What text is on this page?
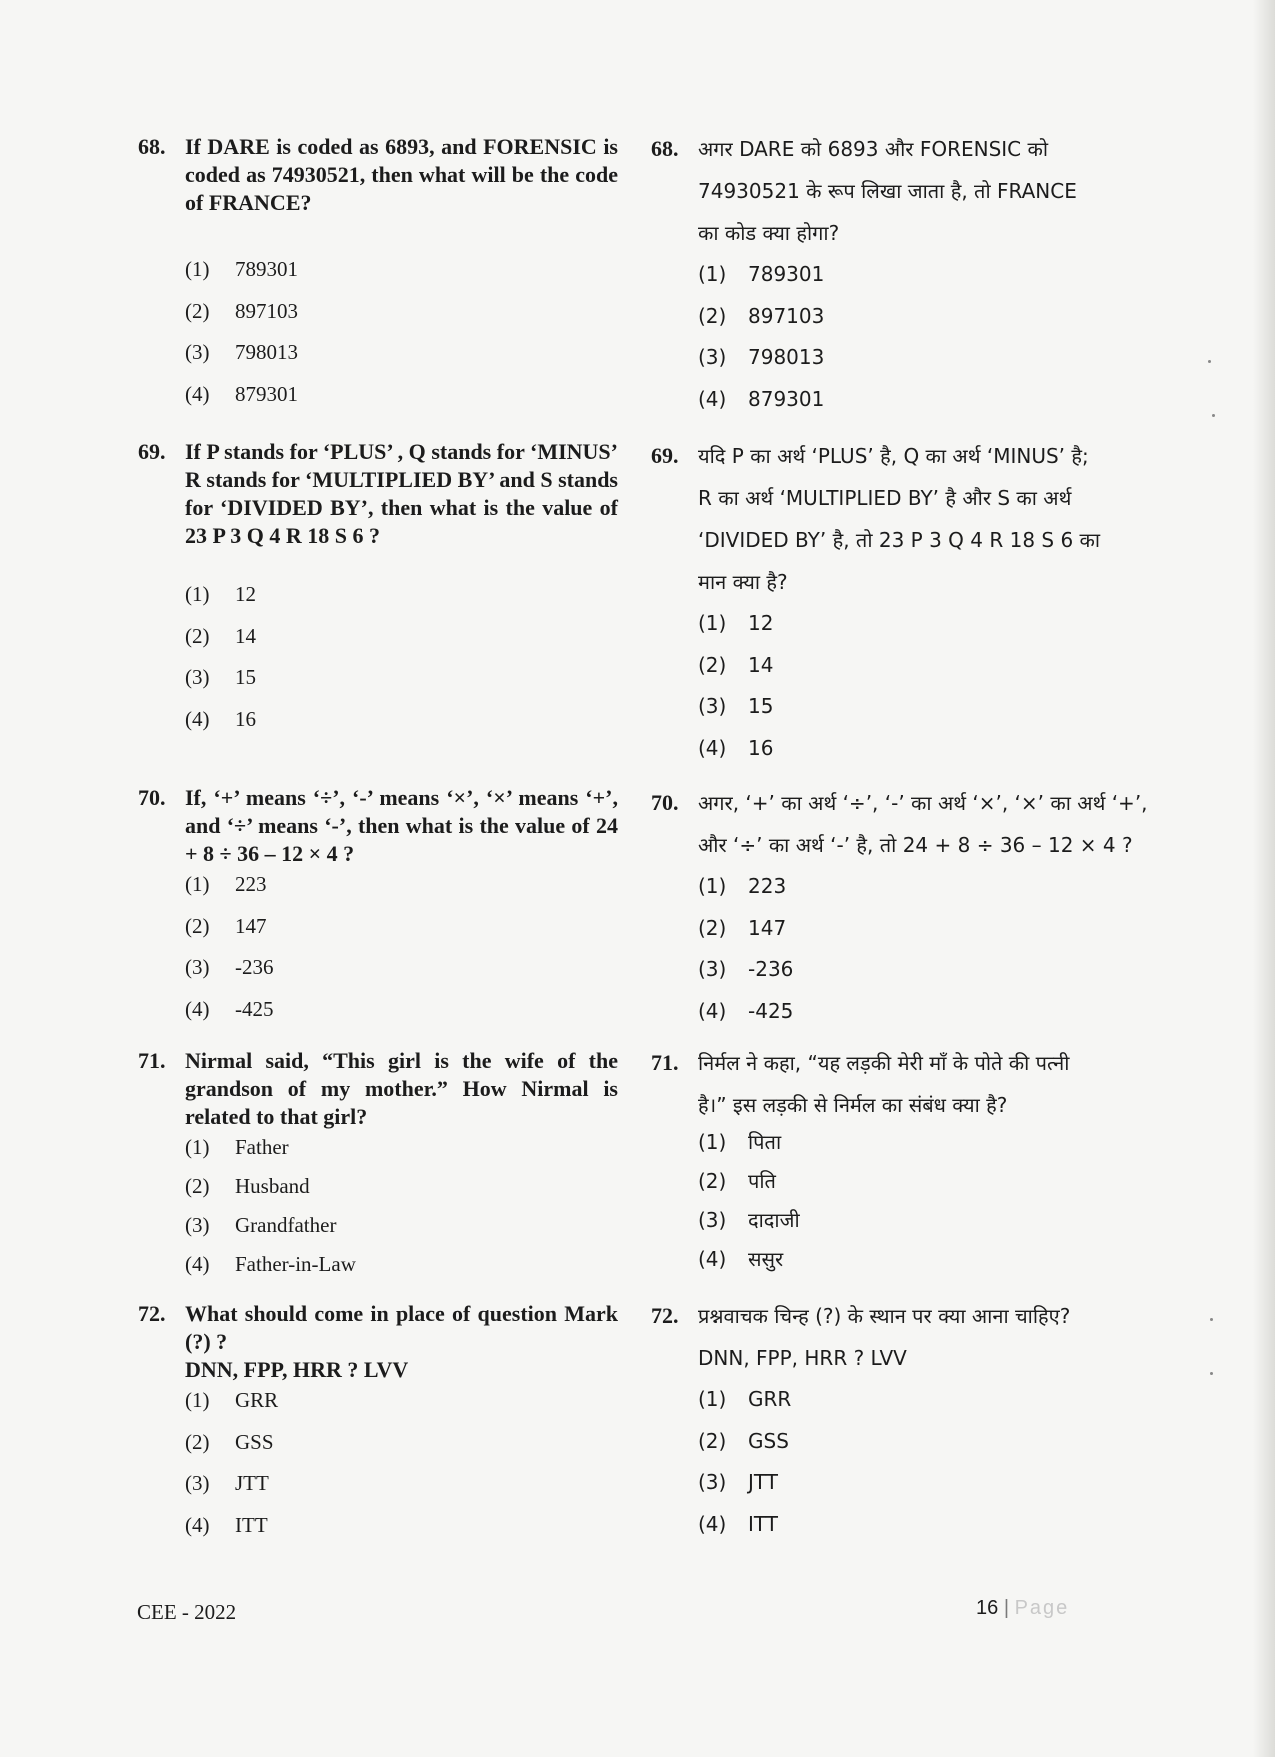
68. If DARE is coded as 6893, and FORENSIC is coded as 74930521, then what will be the code of FRANCE?
(1)	789301
(2)	897103
(3)	798013
(4)	879301
69. If P stands for ‘PLUS’ , Q stands for ‘MINUS’ R stands for ‘MULTIPLIED BY’ and S stands for ‘DIVIDED BY’, then what is the value of 23 P 3 Q 4 R 18 S 6 ?
(1)	12
(2)	14
(3)	15
(4)	16
70. If, ‘+’ means ‘÷’, ‘-’ means ‘×’, ‘×’ means ‘+’, and ‘÷’ means ‘-’, then what is the value of 24 + 8 ÷ 36 – 12 × 4 ?
(1)	223
(2)	147
(3)	-236
(4)	-425
71. Nirmal said, “This girl is the wife of the grandson of my mother.” How Nirmal is related to that girl?
(1)	Father
(2)	Husband
(3)	Grandfather
(4)	Father-in-Law
72. What should come in place of question Mark (?) ?
DNN, FPP, HRR ? LVV
(1)	GRR
(2)	GSS
(3)	JTT
(4)	ITT
68. अगर DARE को 6893 और FORENSIC को
74930521 के रूप लिखा जाता है, तो FRANCE
का कोड क्या होगा?
(1)	789301
(2)	897103
(3)	798013
(4)	879301
69. यदि P का अर्थ ‘PLUS’ है, Q का अर्थ ‘MINUS’ है;
R का अर्थ ‘MULTIPLIED BY’ है और S का अर्थ
‘DIVIDED BY’ है, तो 23 P 3 Q 4 R 18 S 6 का
मान क्या है?
(1)	12
(2)	14
(3)	15
(4)	16
70. अगर, ‘+’ का अर्थ ‘÷’, ‘-’ का अर्थ ‘×’, ‘×’ का अर्थ ‘+’,
और ‘÷’ का अर्थ ‘-’ है, तो 24 + 8 ÷ 36 – 12 × 4 ?
(1)	223
(2)	147
(3)	-236
(4)	-425
71. निर्मल ने कहा, “यह लड़की मेरी माँ के पोते की पत्नी
है।” इस लड़की से निर्मल का संबंध क्या है?
(1)	पिता
(2)	पति
(3)	दादाजी
(4)	ससुर
72. प्रश्नवाचक चिन्ह (?) के स्थान पर क्या आना चाहिए?
DNN, FPP, HRR ? LVV
(1)	GRR
(2)	GSS
(3)	JTT
(4)	ITT
CEE - 2022	16 | Page
